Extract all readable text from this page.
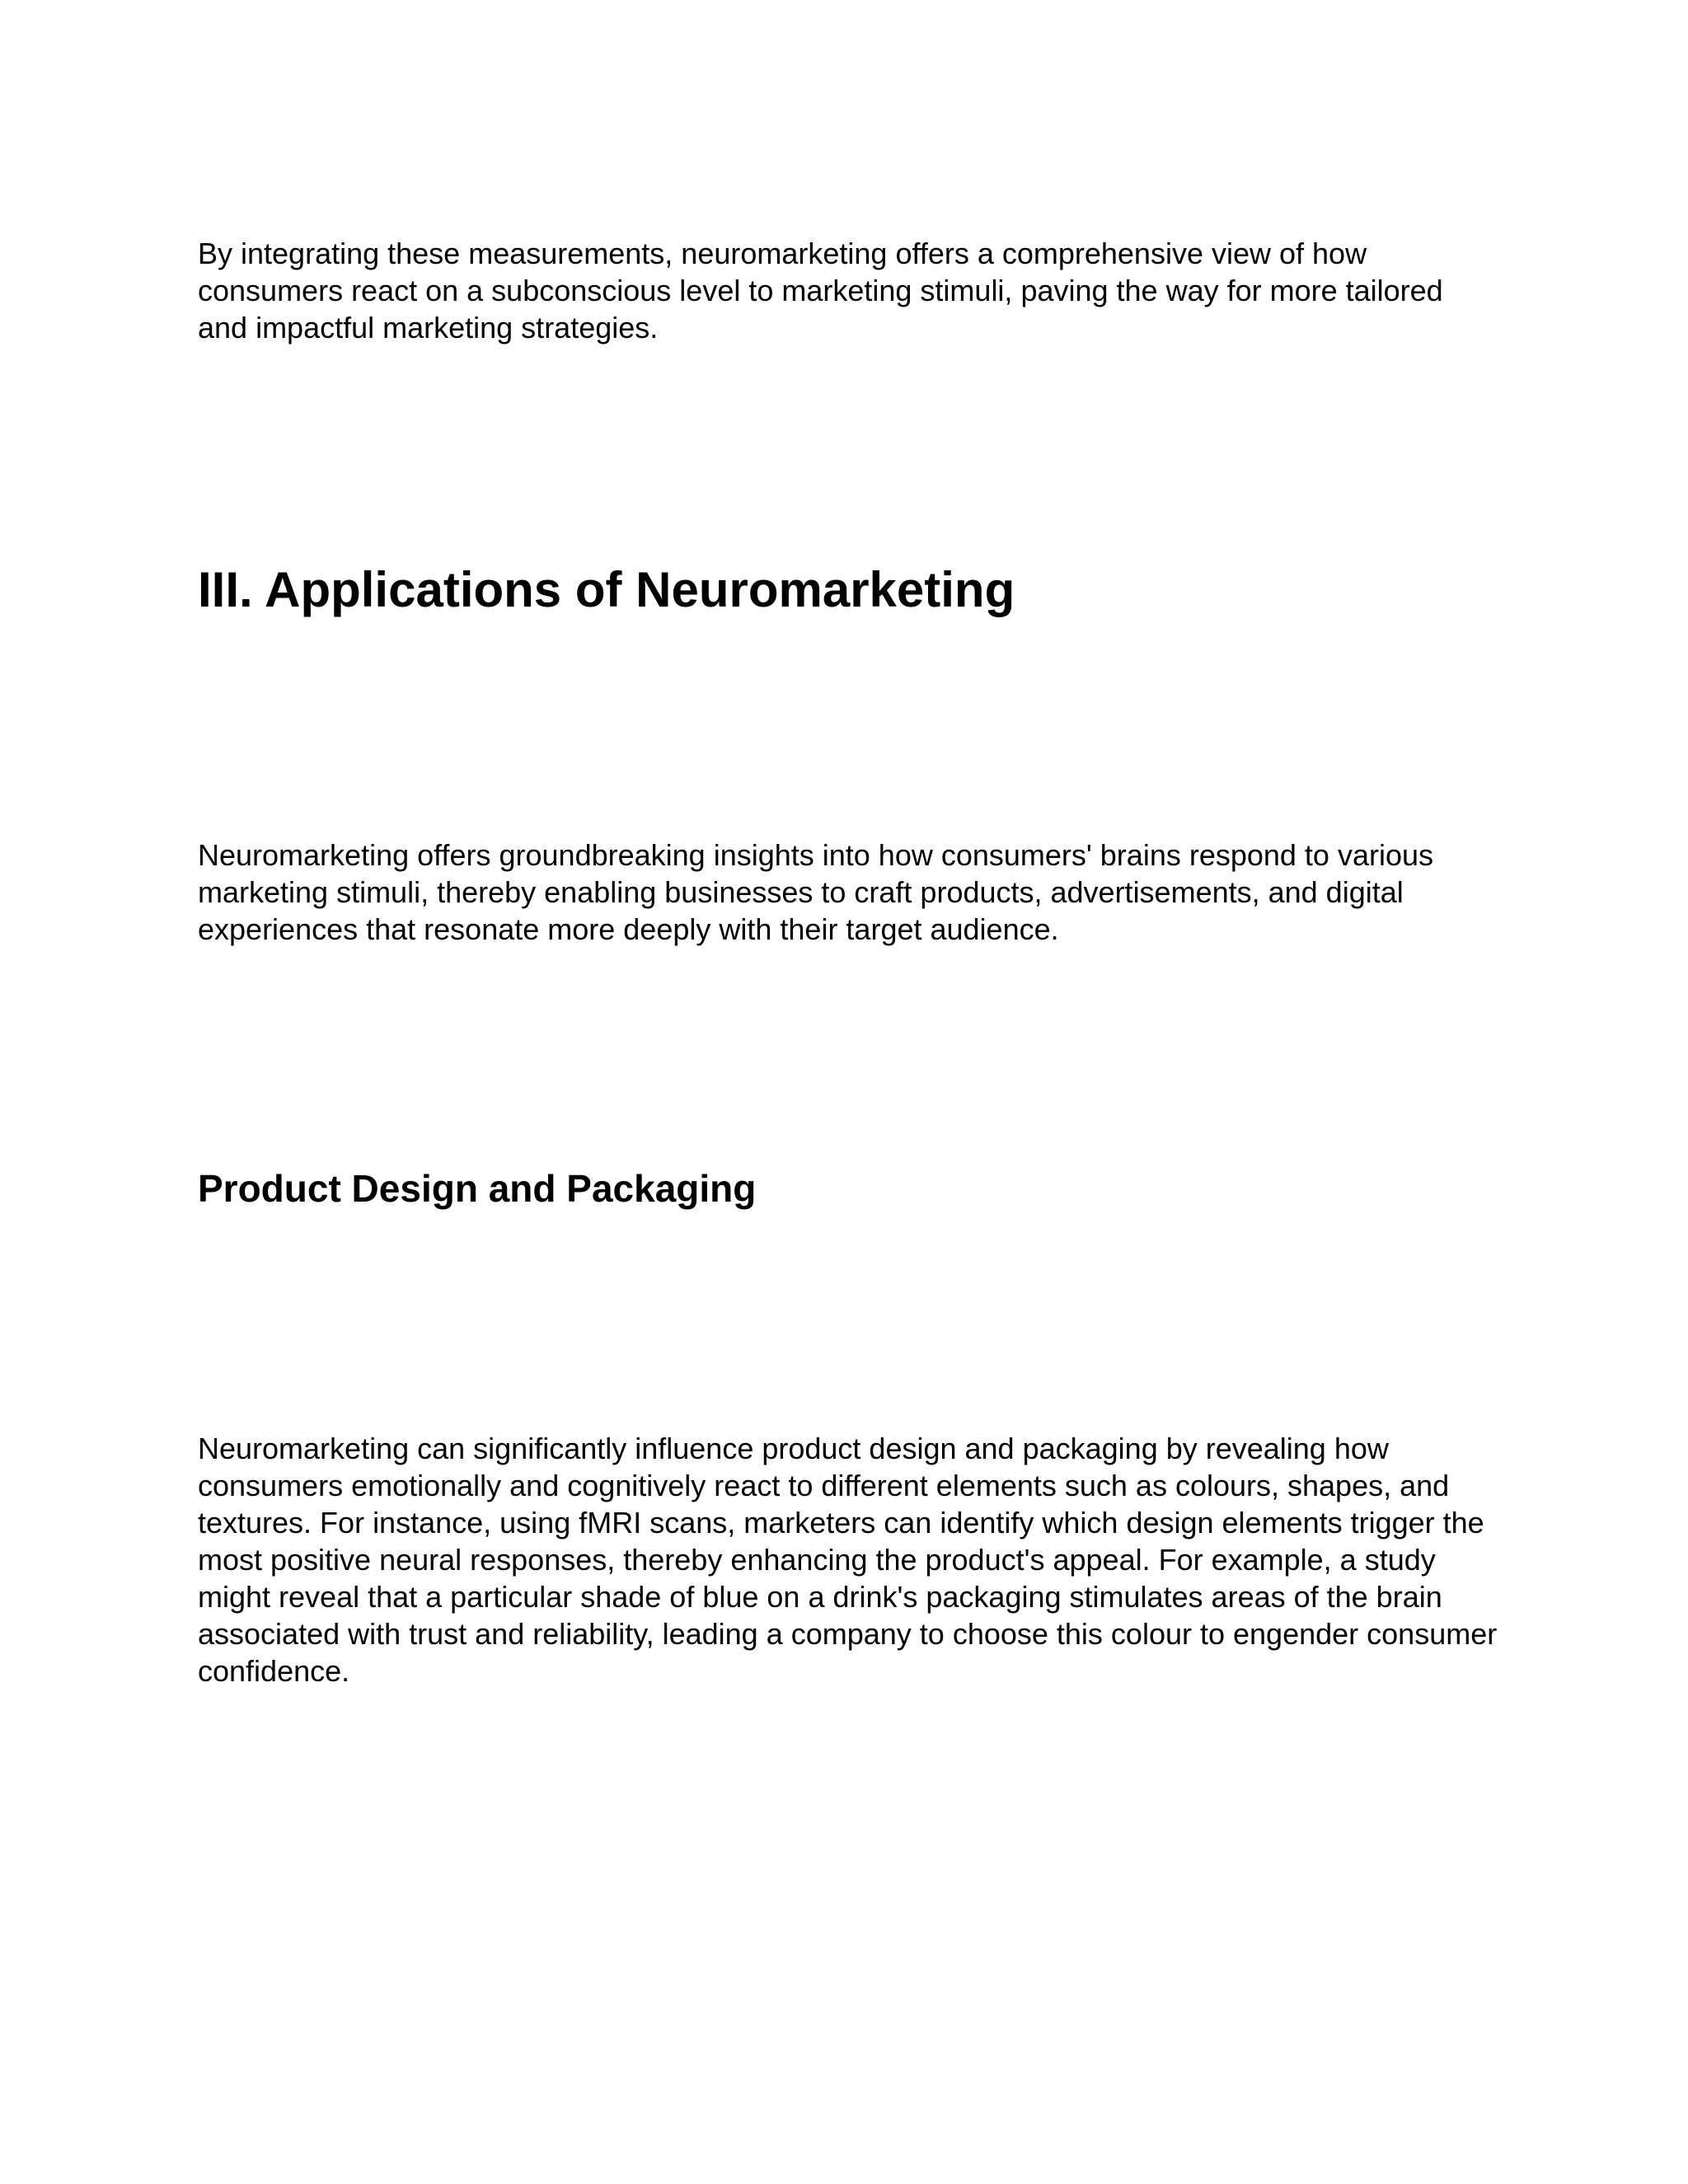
By integrating these measurements, neuromarketing offers a comprehensive view of how consumers react on a subconscious level to marketing stimuli, paving the way for more tailored and impactful marketing strategies.

III. Applications of Neuromarketing

Neuromarketing offers groundbreaking insights into how consumers' brains respond to various marketing stimuli, thereby enabling businesses to craft products, advertisements, and digital experiences that resonate more deeply with their target audience.

Product Design and Packaging

Neuromarketing can significantly influence product design and packaging by revealing how consumers emotionally and cognitively react to different elements such as colours, shapes, and textures. For instance, using fMRI scans, marketers can identify which design elements trigger the most positive neural responses, thereby enhancing the product's appeal. For example, a study might reveal that a particular shade of blue on a drink's packaging stimulates areas of the brain associated with trust and reliability, leading a company to choose this colour to engender consumer confidence.
